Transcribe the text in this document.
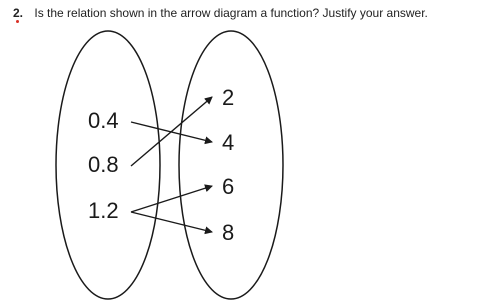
2. Is the relation shown in the arrow diagram a function? Justify your answer.
0.4
0.8
1.2
2
4
6
8
